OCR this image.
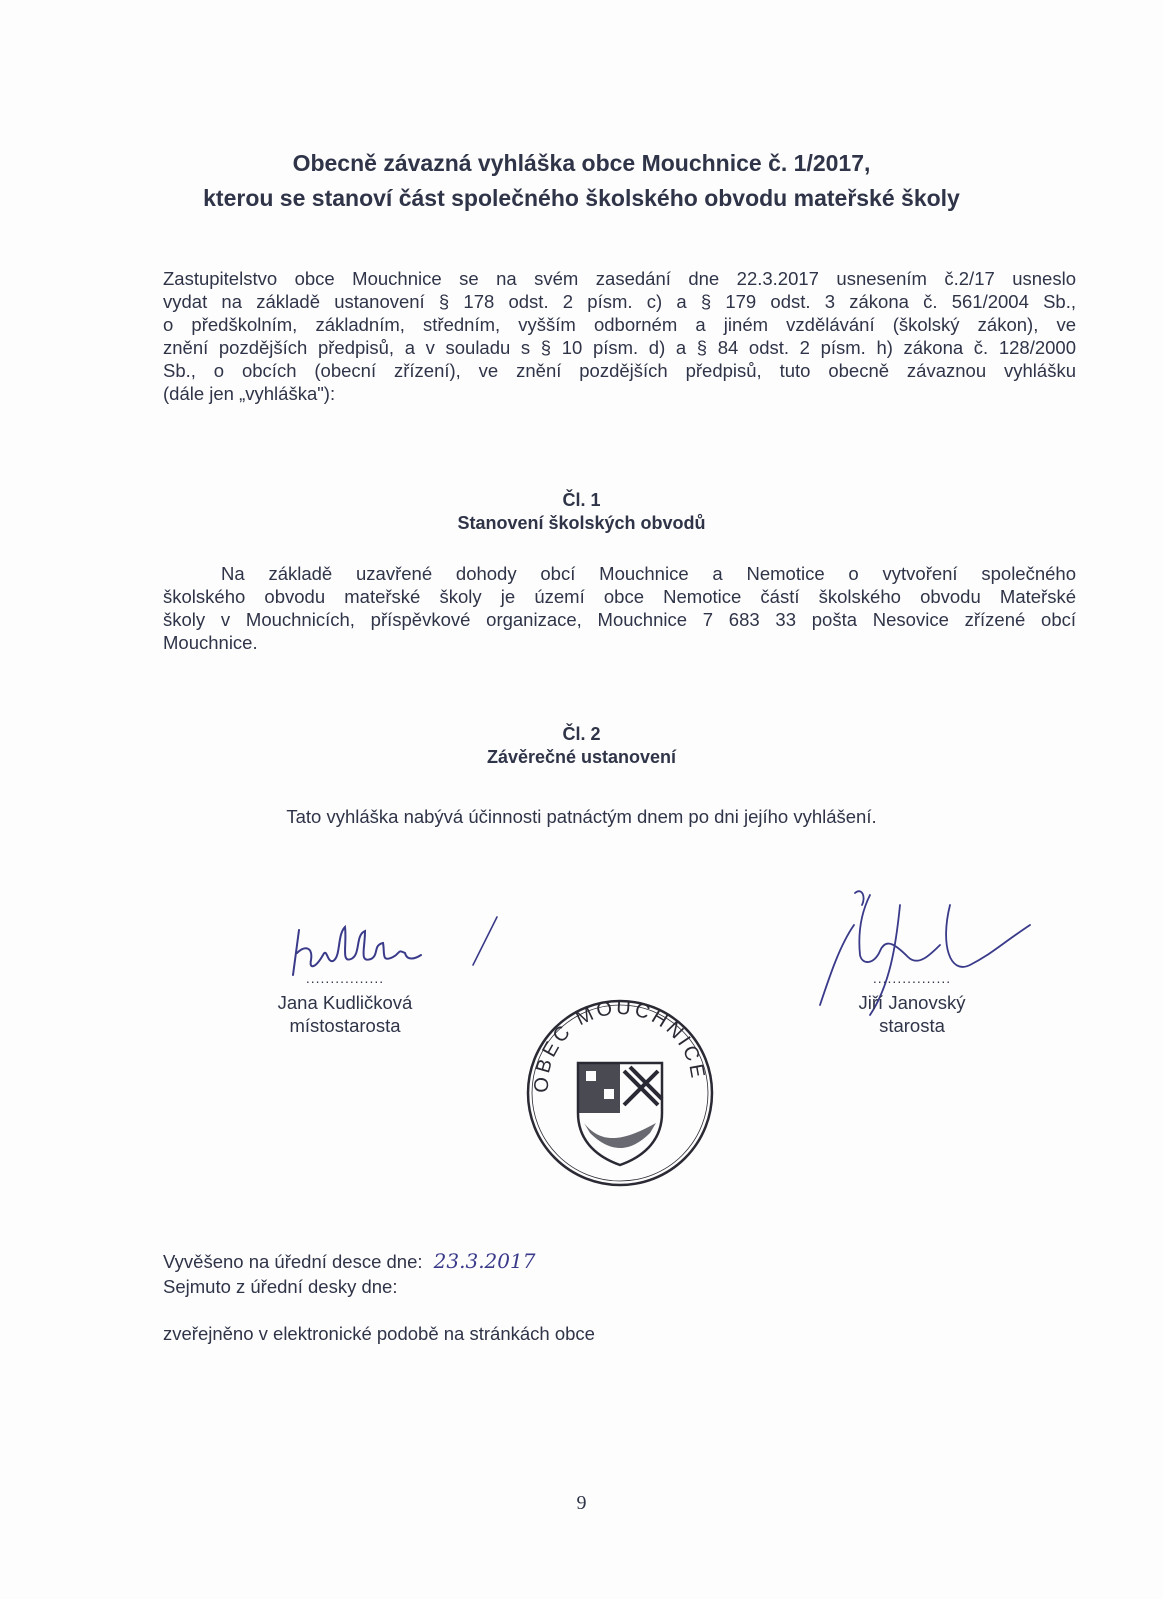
Obecně závazná vyhláška obce Mouchnice č. 1/2017,
kterou se stanoví část společného školského obvodu mateřské školy
Zastupitelstvo obce Mouchnice se na svém zasedání dne 22.3.2017 usnesením č.2/17 usneslo
vydat na základě ustanovení § 178 odst. 2 písm. c) a § 179 odst. 3 zákona č. 561/2004 Sb.,
o předškolním, základním, středním, vyšším odborném a jiném vzdělávání (školský zákon), ve
znění pozdějších předpisů, a v souladu s § 10 písm. d) a § 84 odst. 2 písm. h) zákona č. 128/2000
Sb., o obcích (obecní zřízení), ve znění pozdějších předpisů, tuto obecně závaznou vyhlášku
(dále jen „vyhláška"):
Čl. 1
Stanovení školských obvodů
Na základě uzavřené dohody obcí Mouchnice a Nemotice o vytvoření společného
školského obvodu mateřské školy je území obce Nemotice částí školského obvodu Mateřské
školy v Mouchnicích, příspěvkové organizace, Mouchnice 7 683 33 pošta Nesovice zřízené obcí
Mouchnice.
Čl. 2
Závěrečné ustanovení
Tato vyhláška nabývá účinnosti patnáctým dnem po dni jejího vyhlášení.
................
Jana Kudličková
místostarosta
................
Jiří Janovský
starosta
OBEC MOUCHNICE
Vyvěšeno na úřední desce dne: 23.3.2017
Sejmuto z úřední desky dne:
zveřejněno v elektronické podobě na stránkách obce
9
